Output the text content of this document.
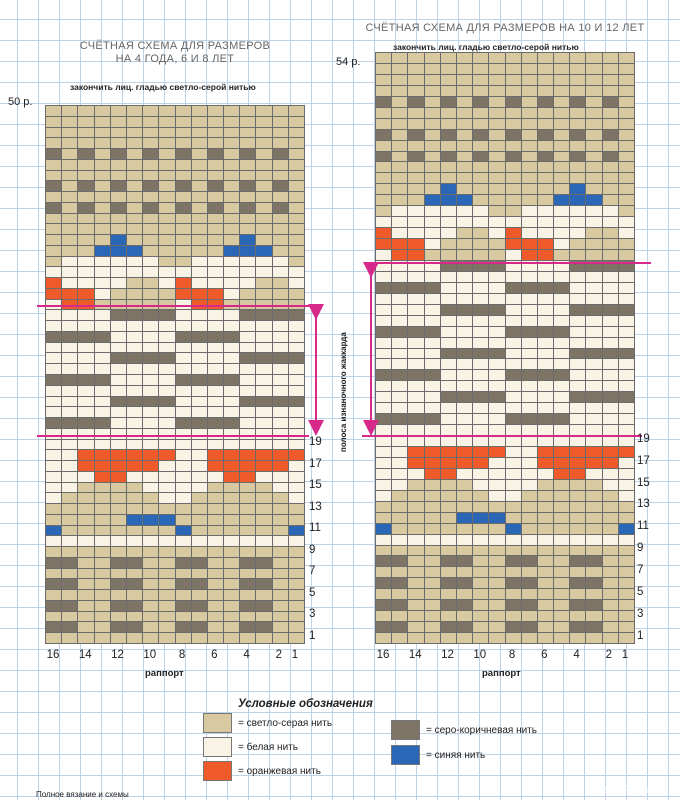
СЧЁТНАЯ СХЕМА ДЛЯ РАЗМЕРОВ
НА 4 ГОДА, 6 И 8 ЛЕТ
закончить лиц. гладью светло-серой нитью
50 р.
СЧЁТНАЯ СХЕМА ДЛЯ РАЗМЕРОВ НА 10 И 12 ЛЕТ
закончить лиц. гладью светло-серой нитью
54 р.
полоса изнаночного жаккарда
19
17
15
13
11
9
7
5
3
1
19
17
15
13
11
9
7
5
3
1
16	14	12	10	8	6	4	2 1	16	14	12	10	8	6	4	2 1
раппорт	раппорт
Условные обозначения
= светло-серая нить
= белая нить
= оранжевая нить
= серо-коричневая нить
= синяя нить
Полное вязание и схемы	PassionForum.ru
